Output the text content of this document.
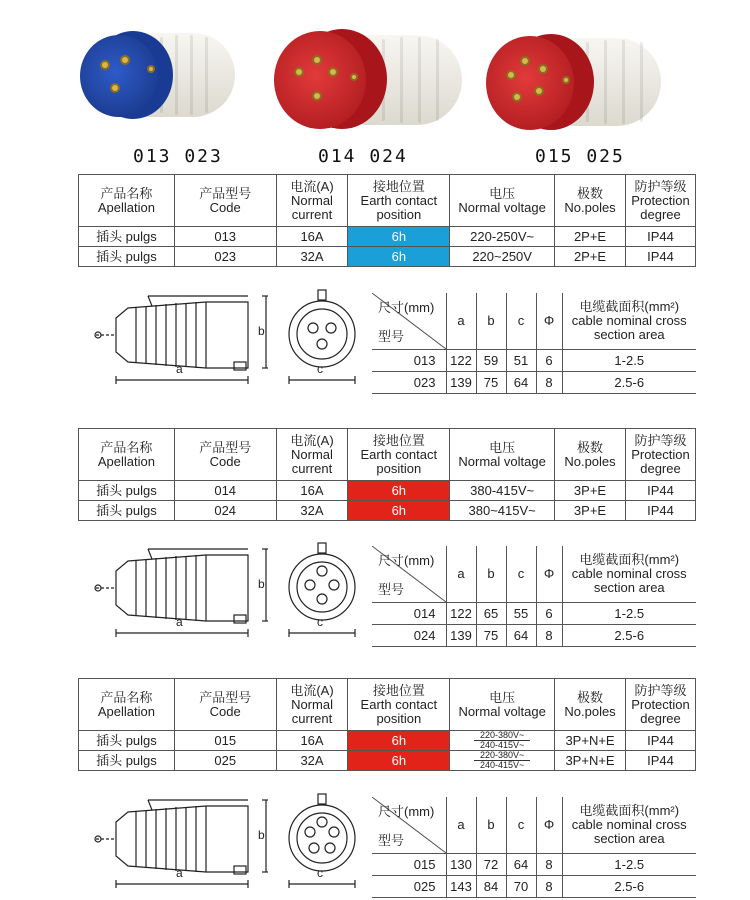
013 023	014 024	015 025
产品名称
Apellation	产品型号
Code	电流(A)
Normal
current	接地位置
Earth contact
position	电压
Normal voltage	极数
No.poles	防护等级
Protection
degree

插头 pulgs	013	16A	6h	220-250V~	2P+E	IP44
插头 pulgs	023	32A	6h	220~250V	2P+E	IP44
a
b
c
尺寸(mm)
型号	a	b	c	Φ	电缆截面积(mm²)
cable nominal cross
section area

013	122	59	51	6	1-2.5
023	139	75	64	8	2.5-6
产品名称
Apellation	产品型号
Code	电流(A)
Normal
current	接地位置
Earth contact
position	电压
Normal voltage	极数
No.poles	防护等级
Protection
degree

插头 pulgs	014	16A	6h	380-415V~	3P+E	IP44
插头 pulgs	024	32A	6h	380~415V~	3P+E	IP44
a
b
c
尺寸(mm)
型号	a	b	c	Φ	电缆截面积(mm²)
cable nominal cross
section area

014	122	65	55	6	1-2.5
024	139	75	64	8	2.5-6
产品名称
Apellation	产品型号
Code	电流(A)
Normal
current	接地位置
Earth contact
position	电压
Normal voltage	极数
No.poles	防护等级
Protection
degree

插头 pulgs	015	16A	6h	220-380V~
240-415V~	3P+N+E	IP44
插头 pulgs	025	32A	6h	220-380V~
240-415V~	3P+N+E	IP44
a
b
c
尺寸(mm)
型号	a	b	c	Φ	电缆截面积(mm²)
cable nominal cross
section area

015	130	72	64	8	1-2.5
025	143	84	70	8	2.5-6
